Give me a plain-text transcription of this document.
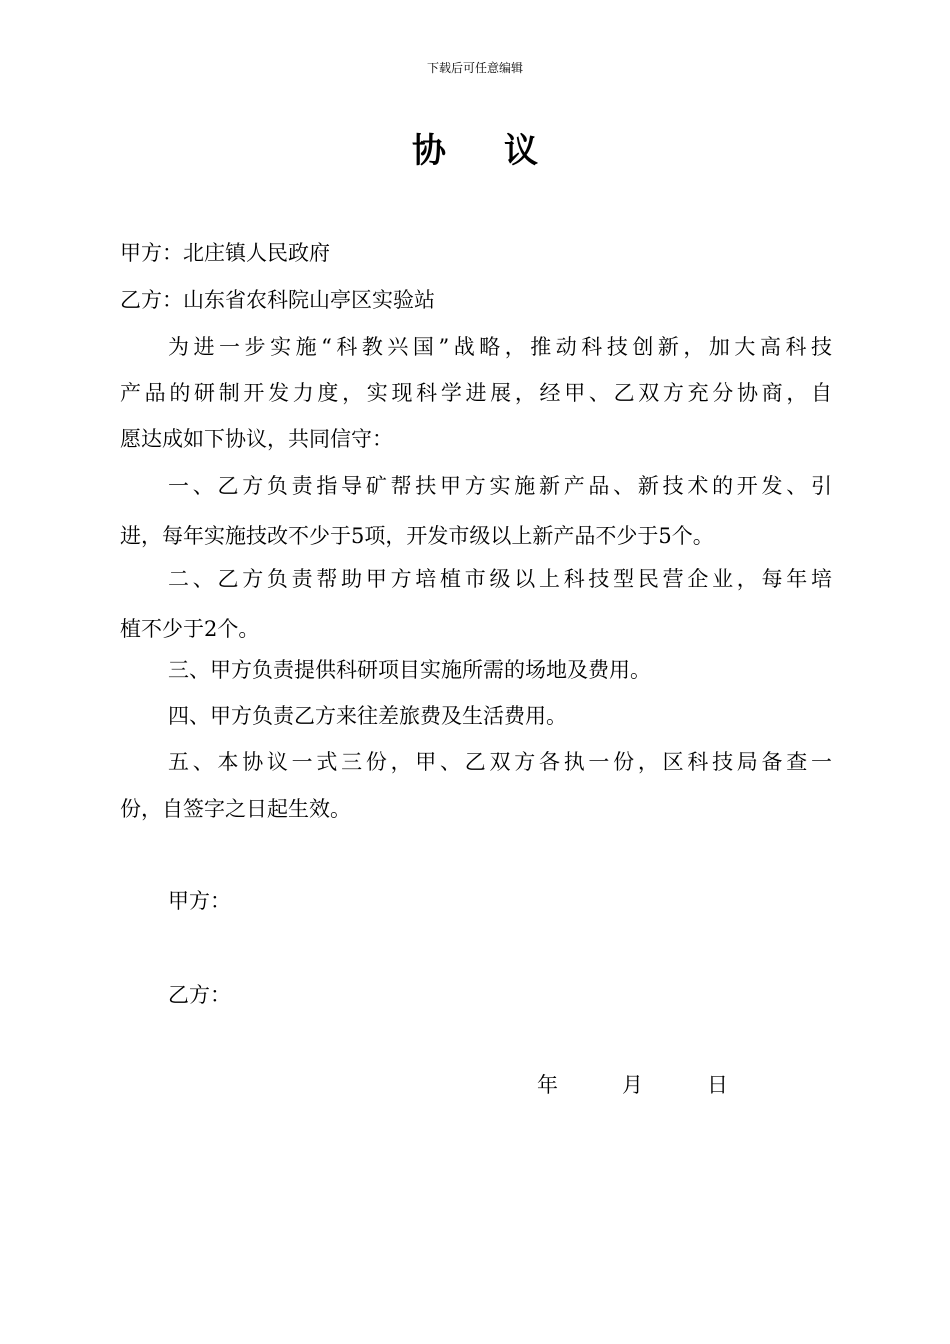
下载后可任意编辑
协 议
甲方：北庄镇人民政府
乙方：山东省农科院山亭区实验站
为进一步实施“科教兴国”战略，推动科技创新，加大高科技
产品的研制开发力度，实现科学进展，经甲、乙双方充分协商，自
愿达成如下协议，共同信守：
一、乙方负责指导矿帮扶甲方实施新产品、新技术的开发、引
进，每年实施技改不少于5项，开发市级以上新产品不少于5个。
二、乙方负责帮助甲方培植市级以上科技型民营企业，每年培
植不少于2个。
三、甲方负责提供科研项目实施所需的场地及费用。
四、甲方负责乙方来往差旅费及生活费用。
五、本协议一式三份，甲、乙双方各执一份，区科技局备查一
份，自签字之日起生效。
甲方：
乙方：
年	月	日
